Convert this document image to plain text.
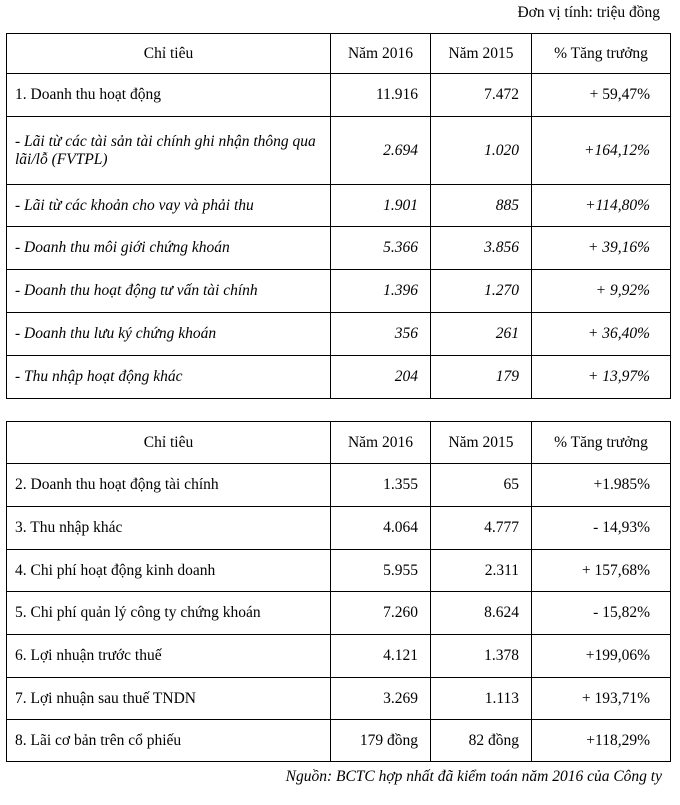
Đơn vị tính: triệu đồng
Chỉ tiêu	Năm 2016	Năm 2015	% Tăng trưởng
1. Doanh thu hoạt động	11.916	7.472	+ 59,47%
- Lãi từ các tài sản tài chính ghi nhận thông qua lãi/lỗ (FVTPL)	2.694	1.020	+164,12%
- Lãi từ các khoản cho vay và phải thu	1.901	885	+114,80%
- Doanh thu môi giới chứng khoán	5.366	3.856	+ 39,16%
- Doanh thu hoạt động tư vấn tài chính	1.396	1.270	+ 9,92%
- Doanh thu lưu ký chứng khoán	356	261	+ 36,40%
- Thu nhập hoạt động khác	204	179	+ 13,97%
Chỉ tiêu	Năm 2016	Năm 2015	% Tăng trưởng
2. Doanh thu hoạt động tài chính	1.355	65	+1.985%
3. Thu nhập khác	4.064	4.777	- 14,93%
4. Chi phí hoạt động kinh doanh	5.955	2.311	+ 157,68%
5. Chi phí quản lý công ty chứng khoán	7.260	8.624	- 15,82%
6. Lợi nhuận trước thuế	4.121	1.378	+199,06%
7. Lợi nhuận sau thuế TNDN	3.269	1.113	+ 193,71%
8. Lãi cơ bản trên cổ phiếu	179 đồng	82 đồng	+118,29%
Nguồn: BCTC hợp nhất đã kiểm toán năm 2016 của Công ty
